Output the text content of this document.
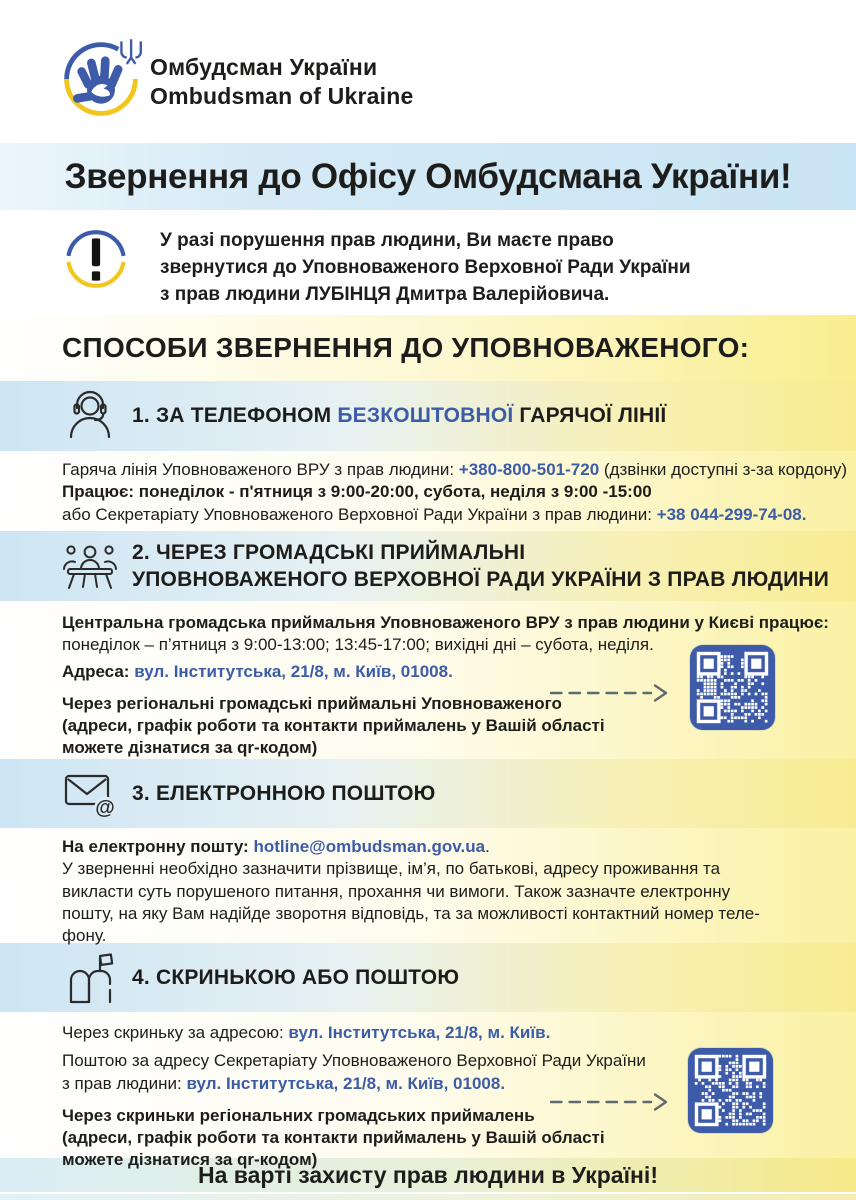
Омбудсман України
Ombudsman of Ukraine
Звернення до Офісу Омбудсмана України!
У разі порушення прав людини, Ви маєте право
звернутися до Уповноваженого Верховної Ради України
з прав людини ЛУБІНЦЯ Дмитра Валерійовича.
СПОСОБИ ЗВЕРНЕННЯ ДО УПОВНОВАЖЕНОГО:
1. ЗА ТЕЛЕФОНОМ БЕЗКОШТОВНОЇ ГАРЯЧОЇ ЛІНІЇ
Гаряча лінія Уповноваженого ВРУ з прав людини: +380-800-501-720 (дзвінки доступні з-за кордону)
Працює: понеділок - п'ятниця з 9:00-20:00, субота, неділя з 9:00 -15:00
або Секретаріату Уповноваженого Верховної Ради України з прав людини: +38 044-299-74-08.
2. ЧЕРЕЗ ГРОМАДСЬКІ ПРИЙМАЛЬНІ
УПОВНОВАЖЕНОГО ВЕРХОВНОЇ РАДИ УКРАЇНИ З ПРАВ ЛЮДИНИ
Центральна громадська приймальня Уповноваженого ВРУ з прав людини у Києві працює:
понеділок – п’ятниця з 9:00-13:00; 13:45-17:00; вихідні дні – субота, неділя.
Адреса: вул. Інститутська, 21/8, м. Київ, 01008.
Через регіональні громадські приймальні Уповноваженого
(адреси, графік роботи та контакти приймалень у Вашій області
можете дізнатися за qr-кодом)
@
3. ЕЛЕКТРОННОЮ ПОШТОЮ
На електронну пошту: hotline@ombudsman.gov.ua.
У зверненні необхідно зазначити прізвище, ім’я, по батькові, адресу проживання та
викласти суть порушеного питання, прохання чи вимоги. Також зазначте електронну
пошту, на яку Вам надійде зворотня відповідь, та за можливості контактний номер теле-
фону.
4. СКРИНЬКОЮ АБО ПОШТОЮ
Через скриньку за адресою: вул. Інститутська, 21/8, м. Київ.
Поштою за адресу Секретаріату Уповноваженого Верховної Ради України
з прав людини: вул. Інститутська, 21/8, м. Київ, 01008.
Через скриньки регіональних громадських приймалень
(адреси, графік роботи та контакти приймалень у Вашій області
можете дізнатися за qr-кодом)
На варті захисту прав людини в Україні!
